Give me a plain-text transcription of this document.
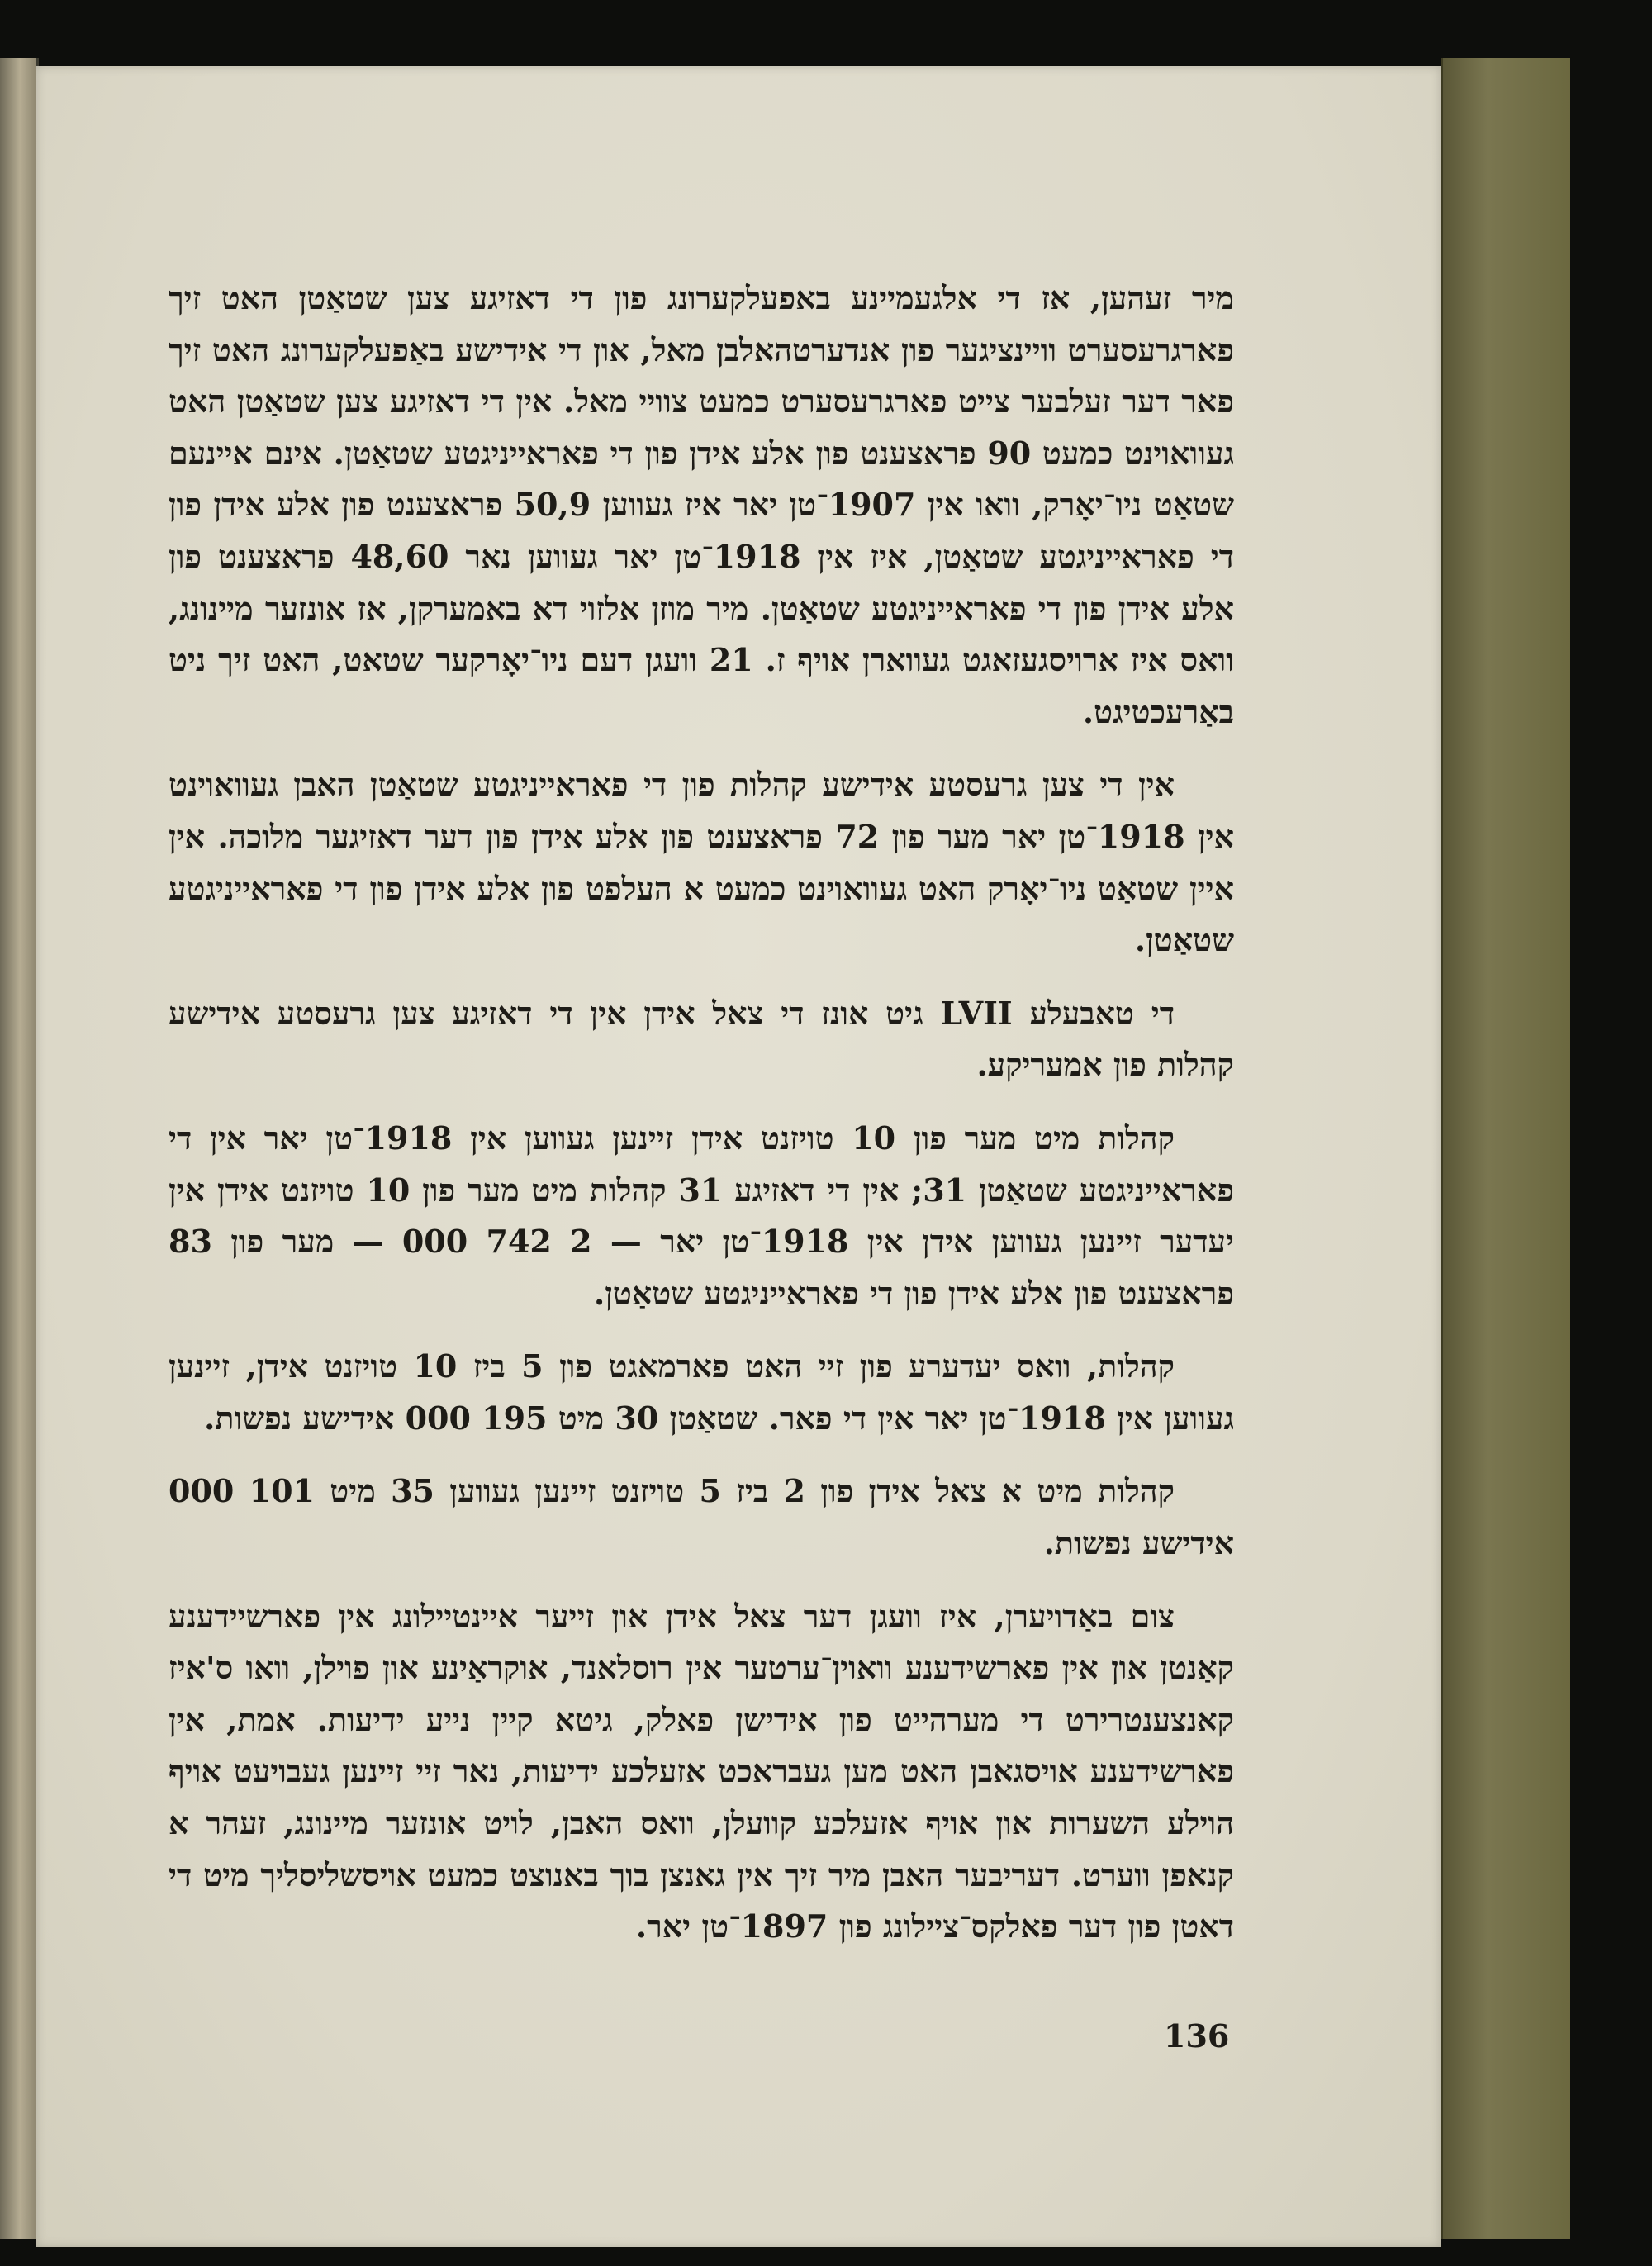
מיר זעהען, אז די אלגעמיינע באפעלקערונג פון די דאזיגע צען שטאַטן האט זיך פארגרעסערט וויינציגער פון אנדערטהאלבן מאל, און די אידישע באַפעלקערונג האט זיך פאר דער זעלבער צייט פארגרעסערט כמעט צוויי מאל. אין די דאזיגע צען שטאַטן האט געוואוינט כמעט 90 פראצענט פון אלע אידן פון די פאראייניגטע שטאַטן. אינם איינעם שטאַט ניו־יאָרק, וואו אין 1907־טן יאר איז געווען 50,9 פראצענט פון אלע אידן פון די פאראייניגטע שטאַטן, איז אין 1918־טן יאר געווען נאר 48,60 פראצענט פון אלע אידן פון די פאראייניגטע שטאַטן. מיר מוזן אלזוי דא באמערקן, אז אונזער מיינונג, וואס איז ארויסגעזאגט געווארן אויף ז. 21 וועגן דעם ניו־יאָרקער שטאט, האט זיך ניט באַרעכטיגט.

אין די צען גרעסטע אידישע קהלות פון די פאראייניגטע שטאַטן האבן געוואוינט אין 1918־טן יאר מער פון 72 פראצענט פון אלע אידן פון דער דאזיגער מלוכה. אין איין שטאַט ניו־יאָרק האט געוואוינט כמעט א העלפט פון אלע אידן פון די פאראייניגטע שטאַטן.

די טאבעלע LVII גיט אונז די צאל אידן אין די דאזיגע צען גרעסטע אידישע קהלות פון אמעריקע.

קהלות מיט מער פון 10 טויזנט אידן זיינען געווען אין 1918־טן יאר אין די פאראייניגטע שטאַטן 31; אין די דאזיגע 31 קהלות מיט מער פון 10 טויזנט אידן אין יעדער זיינען געווען אידן אין 1918־טן יאר — 2 742 000 — מער פון 83 פראצענט פון אלע אידן פון די פאראייניגטע שטאַטן.

קהלות, וואס יעדערע פון זיי האט פארמאגט פון 5 ביז 10 טויזנט אידן, זיינען געווען אין 1918־טן יאר אין די פאר. שטאַטן 30 מיט 195 000 אידישע נפשות.

קהלות מיט א צאל אידן פון 2 ביז 5 טויזנט זיינען געווען 35 מיט 101 000 אידישע נפשות.

צום באַדויערן, איז וועגן דער צאל אידן און זייער איינטיילונג אין פארשיידענע קאַנטן און אין פארשידענע וואוין־ערטער אין רוסלאנד, אוקראַינע און פוילן, וואו ס'איז קאנצענטרירט די מערהייט פון אידישן פאלק, גיטא קיין נייע ידיעות. אמת, אין פארשידענע אויסגאבן האט מען געבראכט אזעלכע ידיעות, נאר זיי זיינען געבויעט אויף הוילע השערות און אויף אזעלכע קוועלן, וואס האבן, לויט אונזער מיינונג, זעהר א קנאפן ווערט. דעריבער האבן מיר זיך אין גאנצן בוך באנוצט כמעט אויסשליסליך מיט די דאטן פון דער פאלקס־ציילונג פון 1897־טן יאר.

136
